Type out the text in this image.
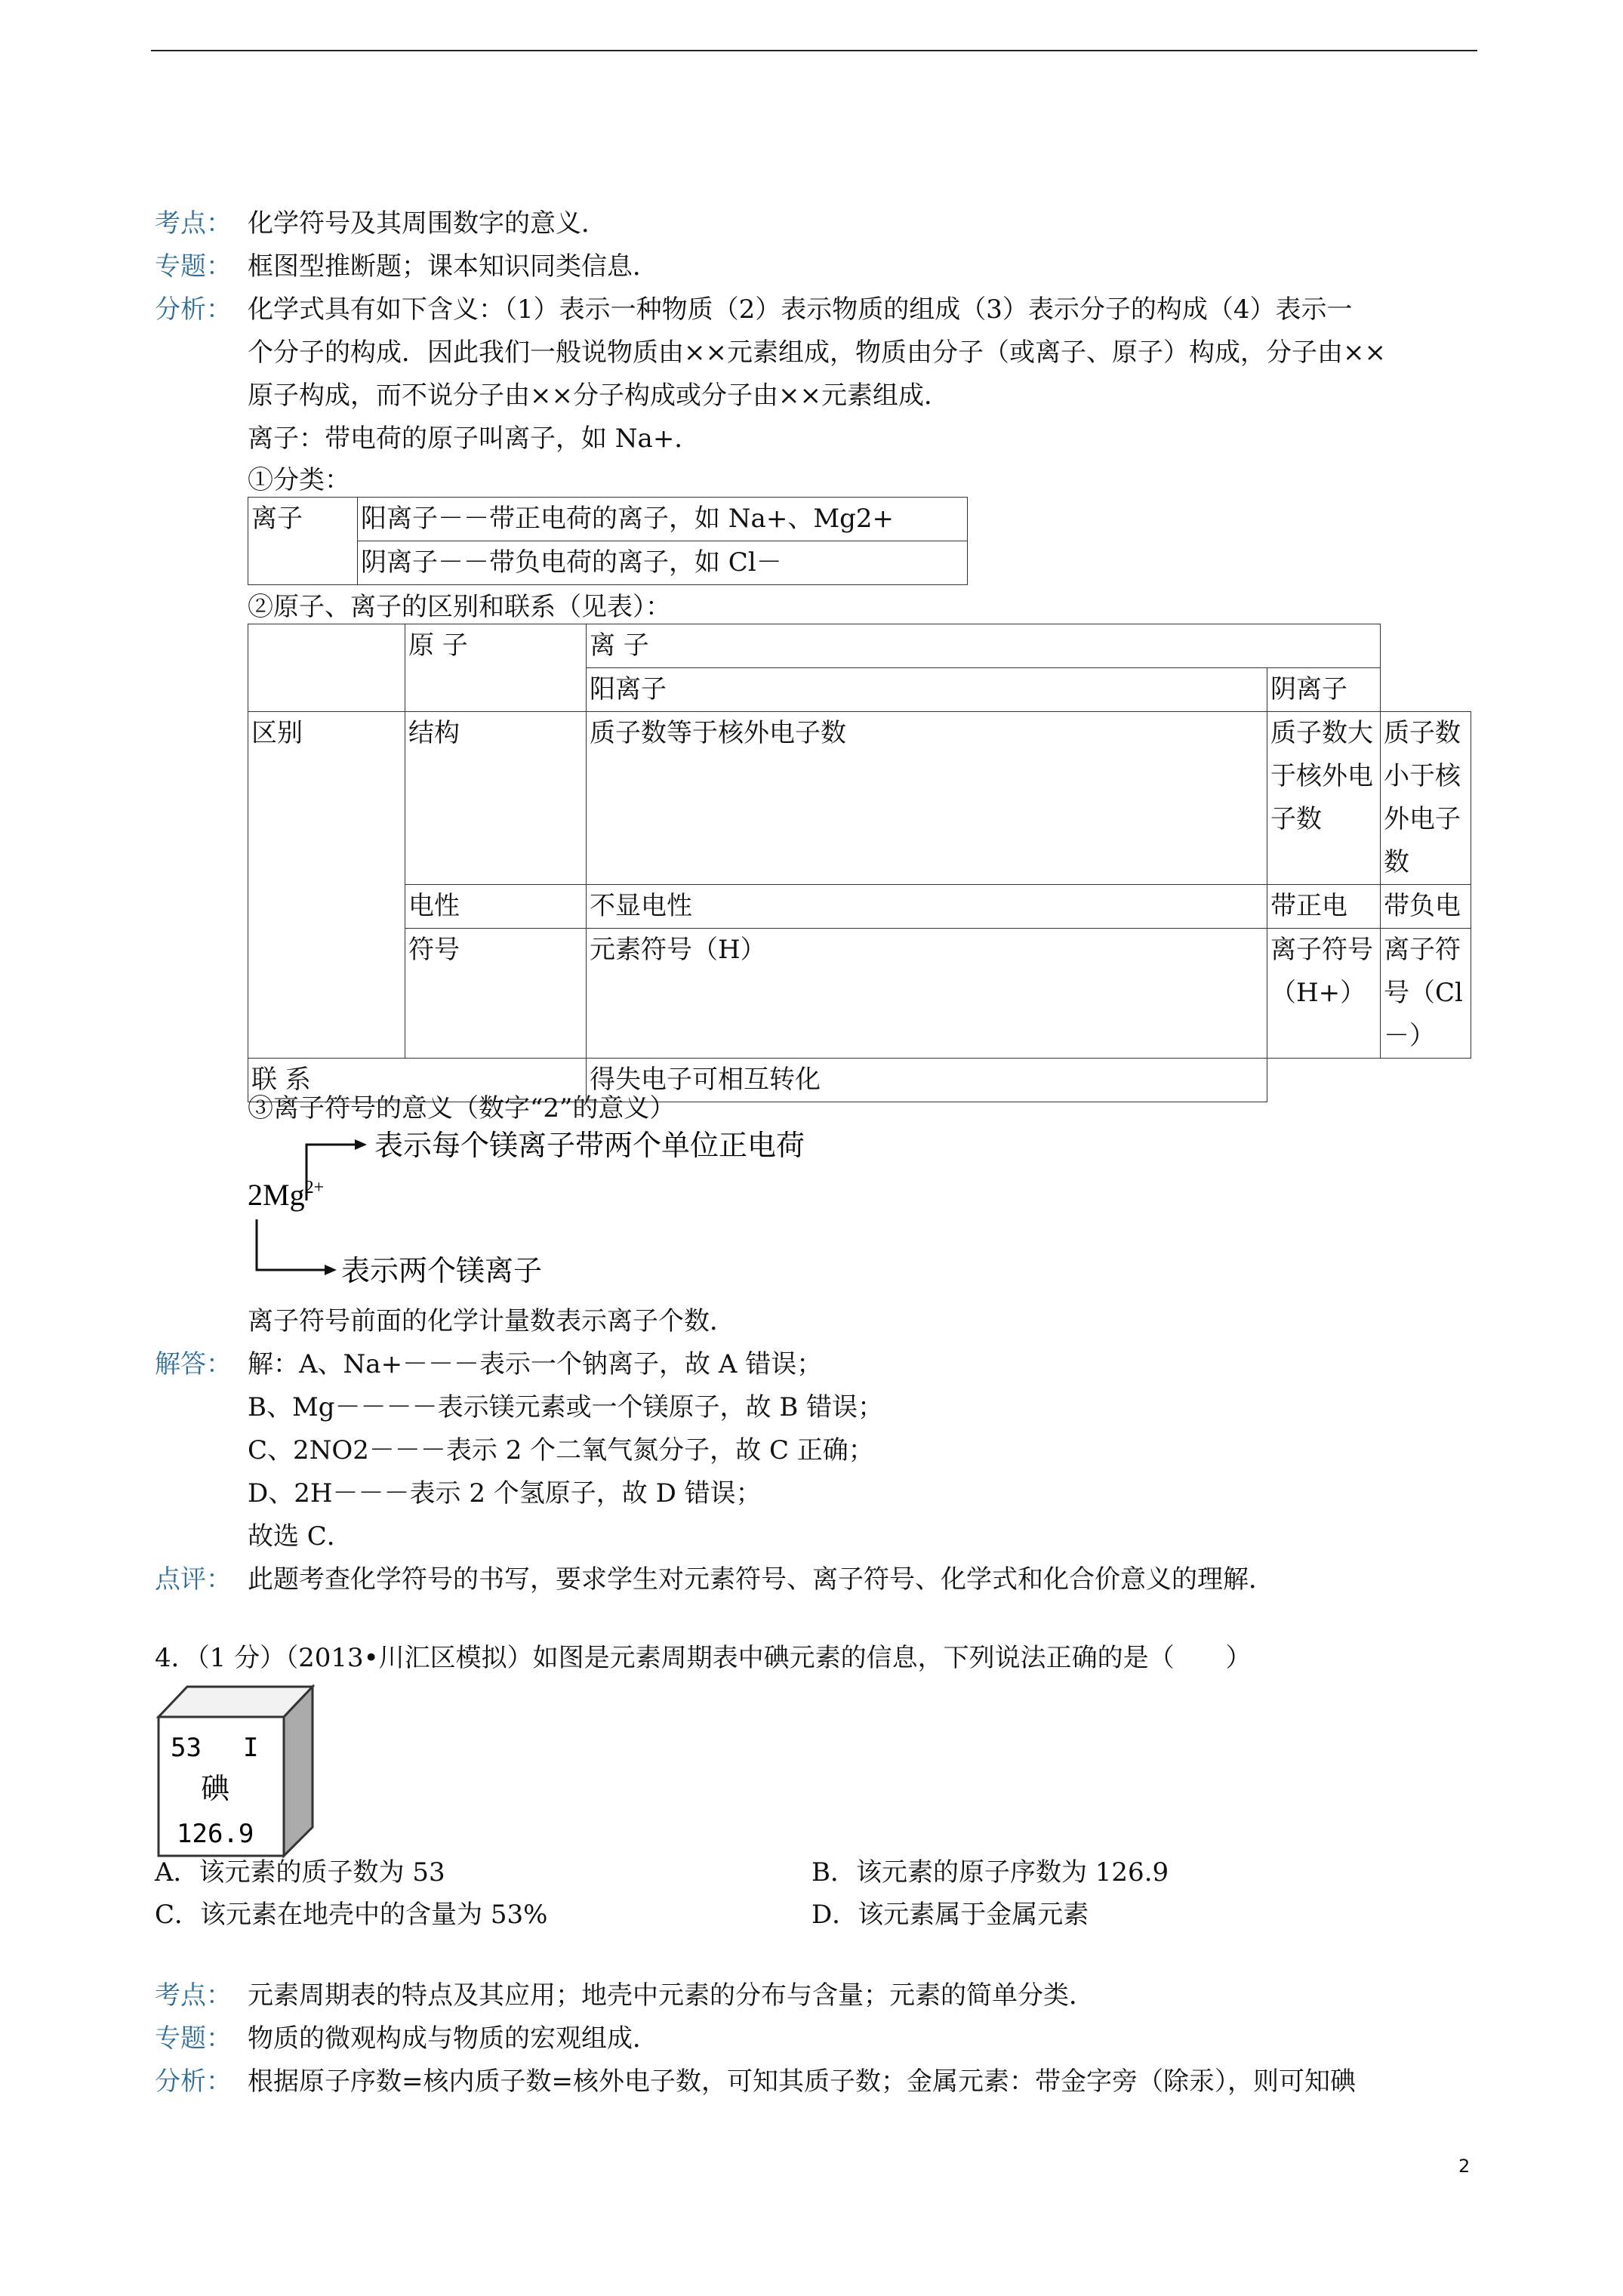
考点： 化学符号及其周围数字的意义．
专题： 框图型推断题；课本知识同类信息．
分析： 化学式具有如下含义：（1）表示一种物质（2）表示物质的组成（3）表示分子的构成（4）表示一
个分子的构成．因此我们一般说物质由××元素组成，物质由分子（或离子、原子）构成，分子由××
原子构成，而不说分子由××分子构成或分子由××元素组成．
离子：带电荷的原子叫离子，如 Na+．
①分类：
离子	阳离子－－带正电荷的离子，如 Na+、Mg2+
阴离子－－带负电荷的离子，如 Cl－
②原子、离子的区别和联系（见表）：
	原 子	离 子		
		阳离子	阴离子	
区别	结构	质子数等于核外电子数	质子数大于核外电子数	质子数小于核外电子数
	电性	不显电性	带正电	带负电
	符号	元素符号（H）	离子符号（H+）	离子符号（Cl－）
联 系		得失电子可相互转化		
③离子符号的意义（数字“2”的意义）
表示每个镁离子带两个单位正电荷
表示两个镁离子
$2Mg^{2+}$
离子符号前面的化学计量数表示离子个数．
解答： 解：A、Na+－－－表示一个钠离子，故 A 错误；
B、Mg－－－－表示镁元素或一个镁原子，故 B 错误；
C、2NO2－－－表示 2 个二氧气氮分子，故 C 正确；
D、2H－－－表示 2 个氢原子，故 D 错误；
故选 C．
点评： 此题考查化学符号的书写，要求学生对元素符号、离子符号、化学式和化合价意义的理解．
4．（1 分）（2013•川汇区模拟）如图是元素周期表中碘元素的信息，下列说法正确的是（　　）
53 I
碘
126.9
A．该元素的质子数为 53	B．该元素的原子序数为 126.9
C．该元素在地壳中的含量为 53%	D．该元素属于金属元素
考点： 元素周期表的特点及其应用；地壳中元素的分布与含量；元素的简单分类．
专题： 物质的微观构成与物质的宏观组成．
分析： 根据原子序数=核内质子数=核外电子数，可知其质子数；金属元素：带金字旁（除汞），则可知碘
2
